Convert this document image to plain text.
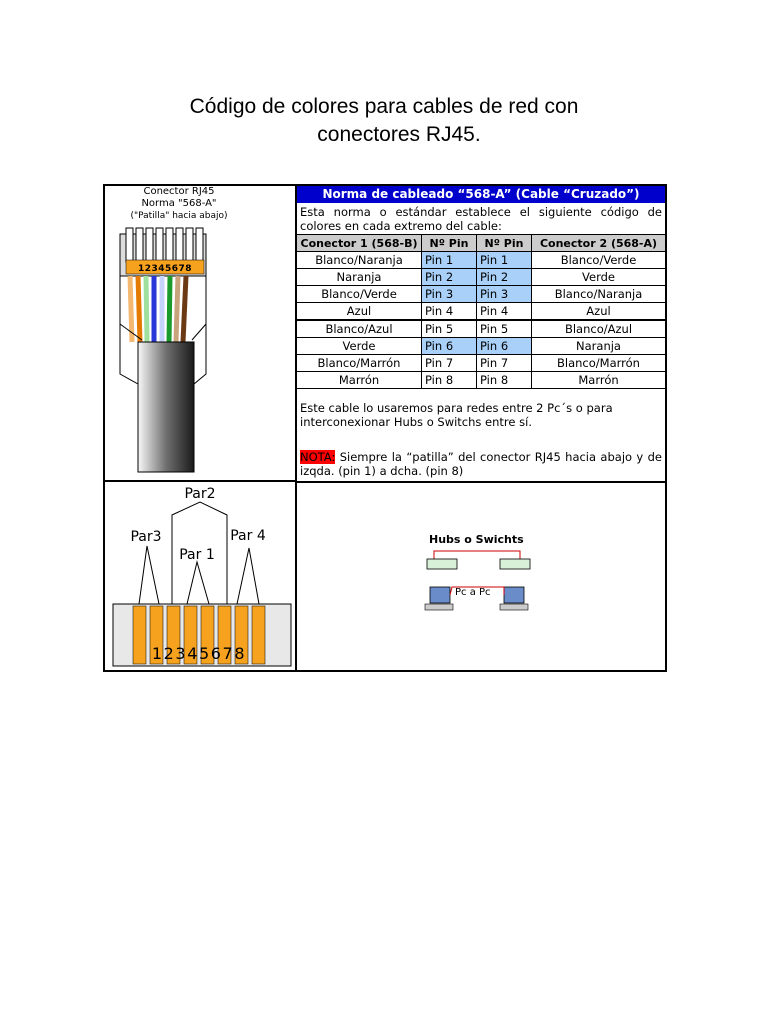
Código de colores para cables de red con
conectores RJ45.
Conector RJ45
Norma "568-A"
("Patilla" hacia abajo)
12345678
Norma de cableado “568-A” (Cable “Cruzado”)
Esta norma o estándar establece el siguiente código de colores en cada extremo del cable:
Conector 1 (568-B)	Nº Pin	Nº Pin	Conector 2 (568-A)
Blanco/Naranja	Pin 1	Pin 1	Blanco/Verde
Naranja	Pin 2	Pin 2	Verde
Blanco/Verde	Pin 3	Pin 3	Blanco/Naranja
Azul	Pin 4	Pin 4	Azul
Blanco/Azul	Pin 5	Pin 5	Blanco/Azul
Verde	Pin 6	Pin 6	Naranja
Blanco/Marrón	Pin 7	Pin 7	Blanco/Marrón
Marrón	Pin 8	Pin 8	Marrón
Este cable lo usaremos para redes entre 2 Pc´s o para interconexionar Hubs o Switchs entre sí.
NOTA: Siempre la “patilla” del conector RJ45 hacia abajo y de izqda. (pin 1) a dcha. (pin 8)
Par2
Par3	Par 4
Par 1
12345678
Hubs o Swichts
Pc a Pc
